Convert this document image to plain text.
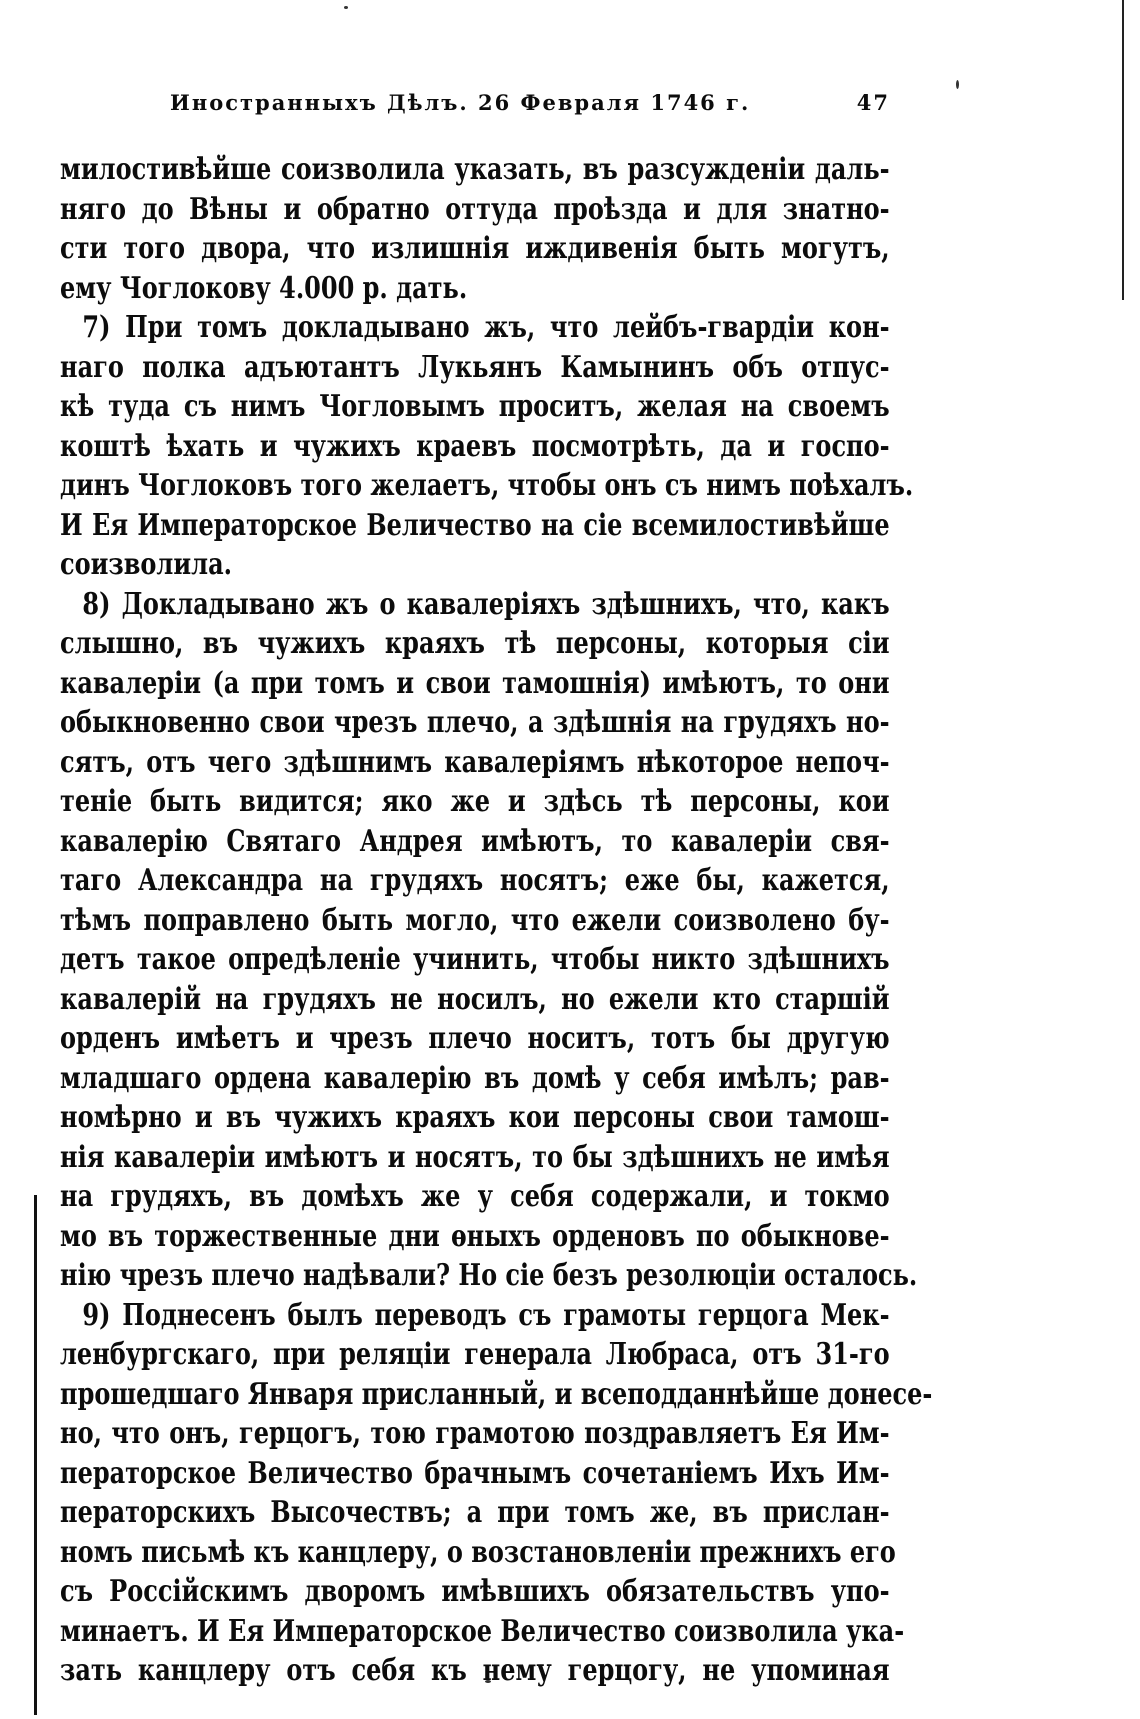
Иностранныхъ Дѣлъ. 26 Февраля 1746 г.	47
милостивѣйше соизволила указать, въ разсужденіи даль-
няго до Вѣны и обратно оттуда проѣзда и для знатно-
сти того двора, что излишнія иждивенія быть могутъ,
ему Чоглокову 4.000 р. дать.
7) При томъ докладывано жъ, что лейбъ-гвардіи кон-
наго полка адъютантъ Лукьянъ Камынинъ объ отпус-
кѣ туда съ нимъ Чогловымъ проситъ, желая на своемъ
коштѣ ѣхать и чужихъ краевъ посмотрѣть, да и госпо-
динъ Чоглоковъ того желаетъ, чтобы онъ съ нимъ поѣхалъ.
И Ея Императорское Величество на сіе всемилостивѣйше
соизволила.
8) Докладывано жъ о кавалеріяхъ здѣшнихъ, что, какъ
слышно, въ чужихъ краяхъ тѣ персоны, которыя сіи
кавалеріи (а при томъ и свои тамошнія) имѣютъ, то они
обыкновенно свои чрезъ плечо, а здѣшнія на грудяхъ но-
сятъ, отъ чего здѣшнимъ кавалеріямъ нѣкоторое непоч-
теніе быть видится; яко же и здѣсь тѣ персоны, кои
кавалерію Святаго Андрея имѣютъ, то кавалеріи свя-
таго Александра на грудяхъ носятъ; еже бы, кажется,
тѣмъ поправлено быть могло, что ежели соизволено бу-
детъ такое опредѣленіе учинить, чтобы никто здѣшнихъ
кавалерій на грудяхъ не носилъ, но ежели кто старшій
орденъ имѣетъ и чрезъ плечо носитъ, тотъ бы другую
младшаго ордена кавалерію въ домѣ у себя имѣлъ; рав-
номѣрно и въ чужихъ краяхъ кои персоны свои тамош-
нія кавалеріи имѣютъ и носятъ, то бы здѣшнихъ не имѣя
на грудяхъ, въ домѣхъ же у себя содержали, и токмо
мо въ торжественные дни ѳныхъ орденовъ по обыкнове-
нію чрезъ плечо надѣвали? Но сіе безъ резолюціи осталось.
9) Поднесенъ былъ переводъ съ грамоты герцога Мек-
ленбургскаго, при реляціи генерала Любраса, отъ 31-го
прошедшаго Января присланный, и всеподданнѣйше донесе-
но, что онъ, герцогъ, тою грамотою поздравляетъ Ея Им-
ператорское Величество брачнымъ сочетаніемъ Ихъ Им-
ператорскихъ Высочествъ; а при томъ же, въ прислан-
номъ письмѣ къ канцлеру, о возстановленіи прежнихъ его
съ Россійскимъ дворомъ имѣвшихъ обязательствъ упо-
минаетъ. И Ея Императорское Величество соизволила ука-
зать канцлеру отъ себя къ нему герцогу, не упоминая
